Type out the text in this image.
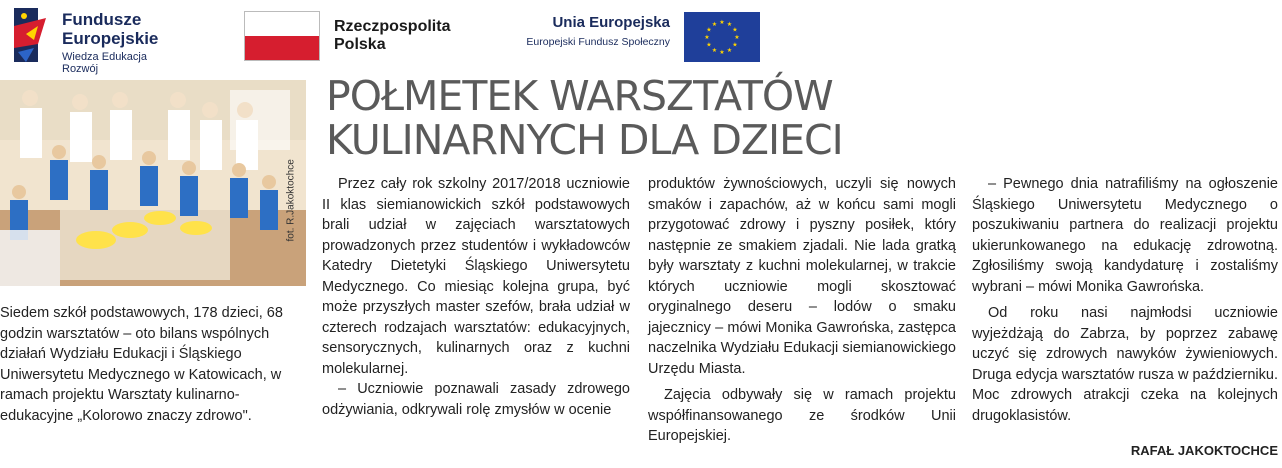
Fundusze
Europejskie
Wiedza Edukacja Rozwój
Rzeczpospolita
Polska
Unia Europejska
Europejski Fundusz Społeczny
★ ★
★
★
★
★
★
★
★
★
★
★
fot. R.Jakoktochce
POŁMETEK WARSZTATÓW
KULINARNYCH DLA DZIECI

Siedem szkół podstawowych, 178 dzieci, 68 godzin warsztatów – oto bilans wspólnych działań Wydziału Edukacji i Śląskiego Uniwersytetu Medycznego w Katowicach, w ramach projektu Warsztaty kulinarno-edukacyjne „Kolorowo znaczy zdrowo".

Przez cały rok szkolny 2017/2018 uczniowie II klas siemianowickich szkół podstawowych brali udział w zajęciach warsztatowych prowadzonych przez studentów i wykładowców Katedry Dietetyki Śląskiego Uniwersytetu Medycznego. Co miesiąc kolejna grupa, być może przyszłych master szefów, brała udział w czterech rodzajach warsztatów: edukacyjnych, sensorycznych, kulinarnych oraz z kuchni molekularnej.

– Uczniowie poznawali zasady zdrowego odżywiania, odkrywali rolę zmysłów w ocenie

produktów żywnościowych, uczyli się nowych smaków i zapachów, aż w końcu sami mogli przygotować zdrowy i pyszny posiłek, który następnie ze smakiem zjadali. Nie lada gratką były warsztaty z kuchni molekularnej, w trakcie których uczniowie mogli skosztować oryginalnego deseru – lodów o smaku jajecznicy – mówi Monika Gawrońska, zastępca naczelnika Wydziału Edukacji siemianowickiego Urzędu Miasta.

Zajęcia odbywały się w ramach projektu współfinansowanego ze środków Unii Europejskiej.

– Pewnego dnia natrafiliśmy na ogłoszenie Śląskiego Uniwersytetu Medycznego o poszukiwaniu partnera do realizacji projektu ukierunkowanego na edukację zdrowotną. Zgłosiliśmy swoją kandydaturę i zostaliśmy wybrani – mówi Monika Gawrońska.

Od roku nasi najmłodsi uczniowie wyjeżdżają do Zabrza, by poprzez zabawę uczyć się zdrowych nawyków żywieniowych. Druga edycja warsztatów rusza w październiku. Moc zdrowych atrakcji czeka na kolejnych drugoklasistów.

RAFAŁ JAKOKTOCHCE
